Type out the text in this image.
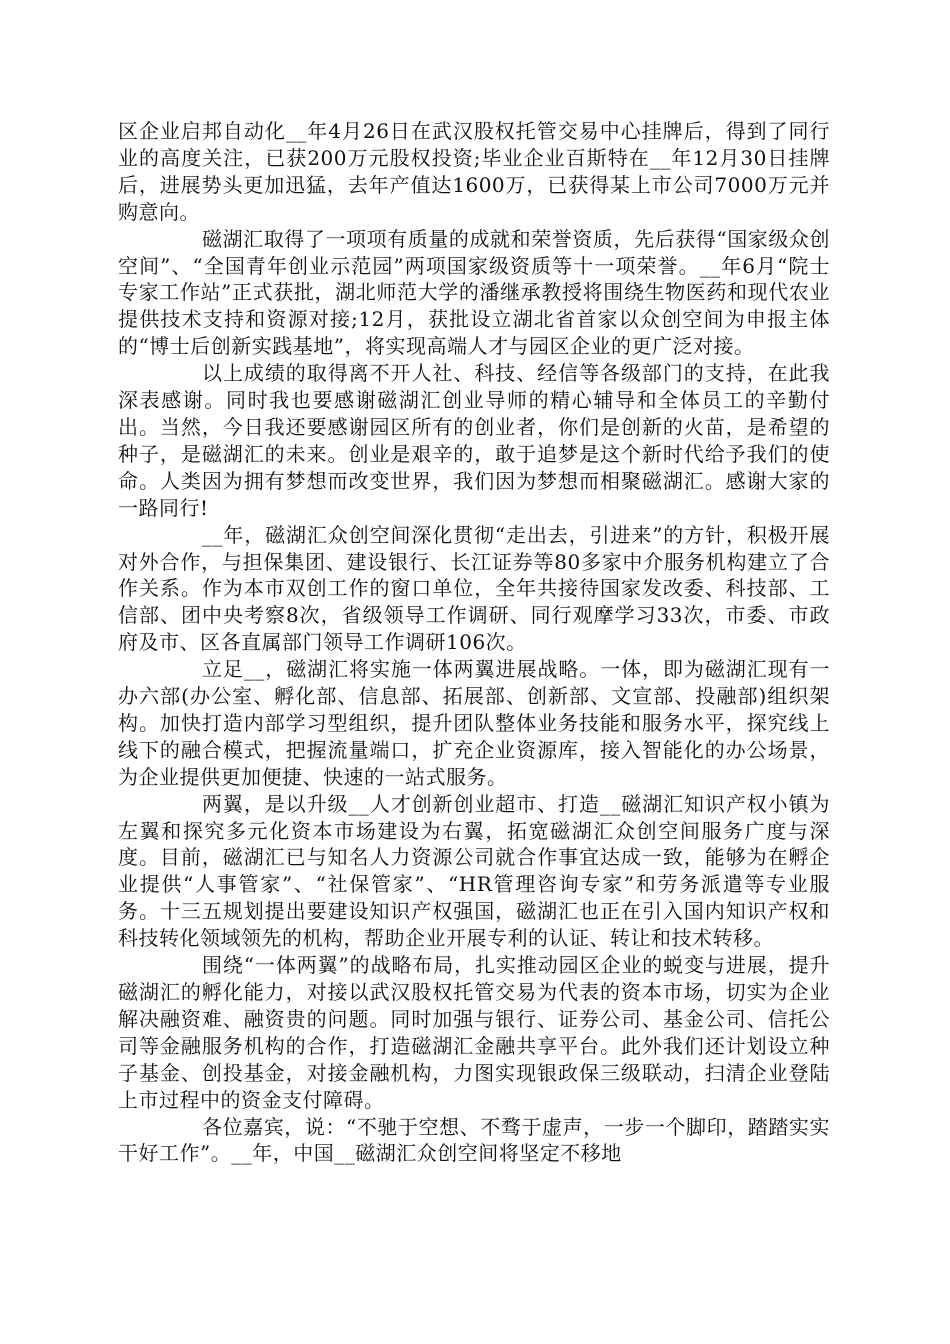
区企业启邦自动化__年4月26日在武汉股权托管交易中心挂牌后，得到了同行业的高度关注，已获200万元股权投资;毕业企业百斯特在__年12月30日挂牌后，进展势头更加迅猛，去年产值达1600万，已获得某上市公司7000万元并购意向。

磁湖汇取得了一项项有质量的成就和荣誉资质，先后获得“国家级众创空间”、“全国青年创业示范园”两项国家级资质等十一项荣誉。__年6月“院士专家工作站”正式获批，湖北师范大学的潘继承教授将围绕生物医药和现代农业提供技术支持和资源对接;12月，获批设立湖北省首家以众创空间为申报主体的“博士后创新实践基地”，将实现高端人才与园区企业的更广泛对接。

以上成绩的取得离不开人社、科技、经信等各级部门的支持，在此我深表感谢。同时我也要感谢磁湖汇创业导师的精心辅导和全体员工的辛勤付出。当然，今日我还要感谢园区所有的创业者，你们是创新的火苗，是希望的种子，是磁湖汇的未来。创业是艰辛的，敢于追梦是这个新时代给予我们的使命。人类因为拥有梦想而改变世界，我们因为梦想而相聚磁湖汇。感谢大家的一路同行!

__年，磁湖汇众创空间深化贯彻“走出去，引进来”的方针，积极开展对外合作，与担保集团、建设银行、长江证券等80多家中介服务机构建立了合作关系。作为本市双创工作的窗口单位，全年共接待国家发改委、科技部、工信部、团中央考察8次，省级领导工作调研、同行观摩学习33次，市委、市政府及市、区各直属部门领导工作调研106次。

立足__，磁湖汇将实施一体两翼进展战略。一体，即为磁湖汇现有一办六部(办公室、孵化部、信息部、拓展部、创新部、文宣部、投融部)组织架构。加快打造内部学习型组织，提升团队整体业务技能和服务水平，探究线上线下的融合模式，把握流量端口，扩充企业资源库，接入智能化的办公场景，为企业提供更加便捷、快速的一站式服务。

两翼，是以升级__人才创新创业超市、打造__磁湖汇知识产权小镇为左翼和探究多元化资本市场建设为右翼，拓宽磁湖汇众创空间服务广度与深度。目前，磁湖汇已与知名人力资源公司就合作事宜达成一致，能够为在孵企业提供“人事管家”、“社保管家”、“HR管理咨询专家”和劳务派遣等专业服务。十三五规划提出要建设知识产权强国，磁湖汇也正在引入国内知识产权和科技转化领域领先的机构，帮助企业开展专利的认证、转让和技术转移。

围绕“一体两翼”的战略布局，扎实推动园区企业的蜕变与进展，提升磁湖汇的孵化能力，对接以武汉股权托管交易为代表的资本市场，切实为企业解决融资难、融资贵的问题。同时加强与银行、证券公司、基金公司、信托公司等金融服务机构的合作，打造磁湖汇金融共享平台。此外我们还计划设立种子基金、创投基金，对接金融机构，力图实现银政保三级联动，扫清企业登陆上市过程中的资金支付障碍。

各位嘉宾，说：“不驰于空想、不骛于虚声，一步一个脚印，踏踏实实干好工作”。__年，中国__磁湖汇众创空间将坚定不移地
